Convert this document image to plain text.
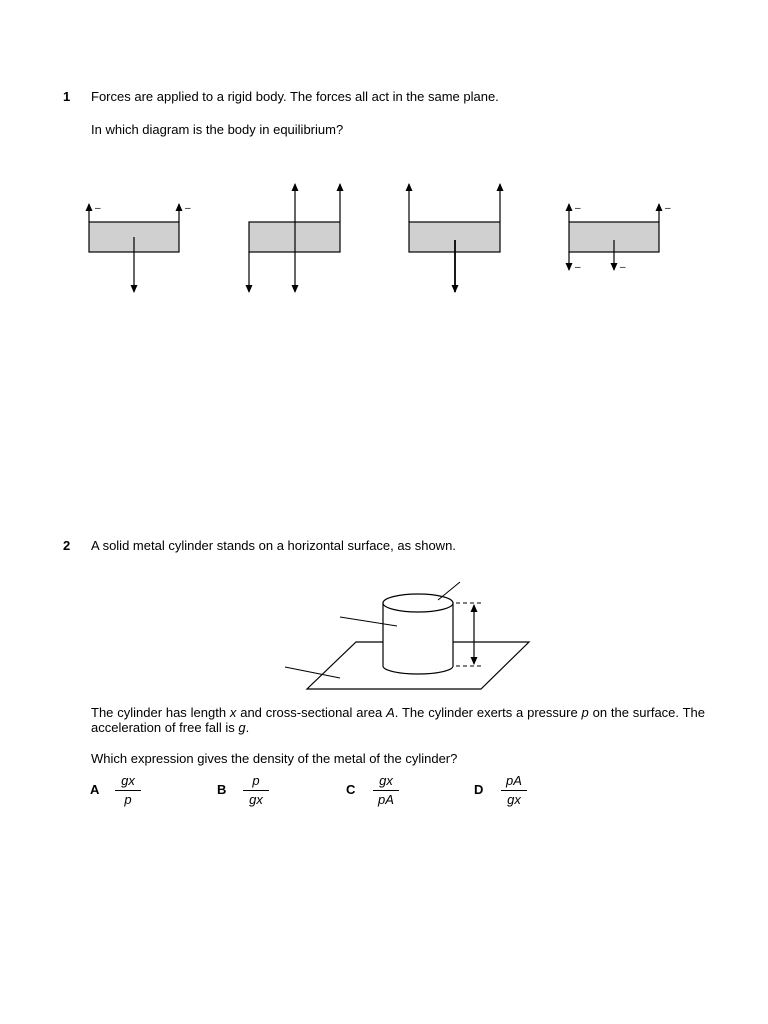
1 Forces are applied to a rigid body. The forces all act in the same plane.
In which diagram is the body in equilibrium?
–	–	–	–
–	–
2 A solid metal cylinder stands on a horizontal surface, as shown.
The cylinder has length x and cross-sectional area A. The cylinder exerts a pressure p on the surface. The acceleration of free fall is g.
Which expression gives the density of the metal of the cylinder?
A
gx
p
B
p
gx
C
gx
pA
D
pA
gx
